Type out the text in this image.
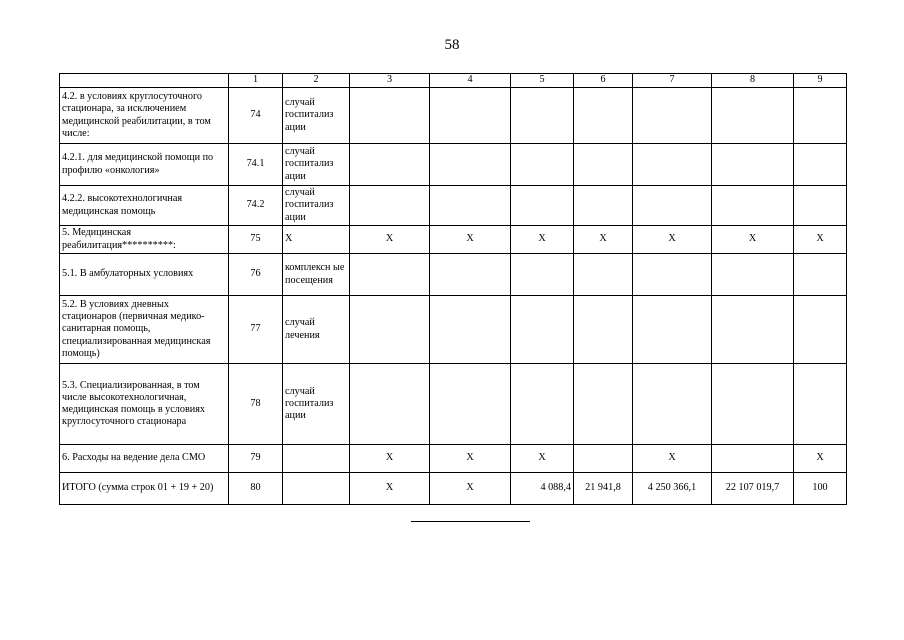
58
	1	2	3	4	5	6	7	8	9
4.2. в условиях круглосуточного стационара, за исключением медицинской реабилитации, в том числе:	74	случай госпитализ ации							
4.2.1. для медицинской помощи по профилю «онкология»	74.1	случай госпитализ ации							
4.2.2. высокотехнологичная медицинская помощь	74.2	случай госпитализ ации							
5. Медицинская реабилитация**********:	75	X	X	X	X	X	X	X	X
5.1. В амбулаторных условиях	76	комплексн ые посещения							
5.2. В условиях дневных стационаров (первичная медико-санитарная помощь, специализированная медицинская помощь)	77	случай лечения							
5.3. Специализированная, в том числе высокотехнологичная, медицинская помощь в условиях круглосуточного стационара	78	случай госпитализ ации							
6. Расходы на ведение дела СМО	79		X	X	X		X		X
ИТОГО (сумма строк 01 + 19 + 20)	80		X	X	4 088,4	21 941,8	4 250 366,1	22 107 019,7	100
